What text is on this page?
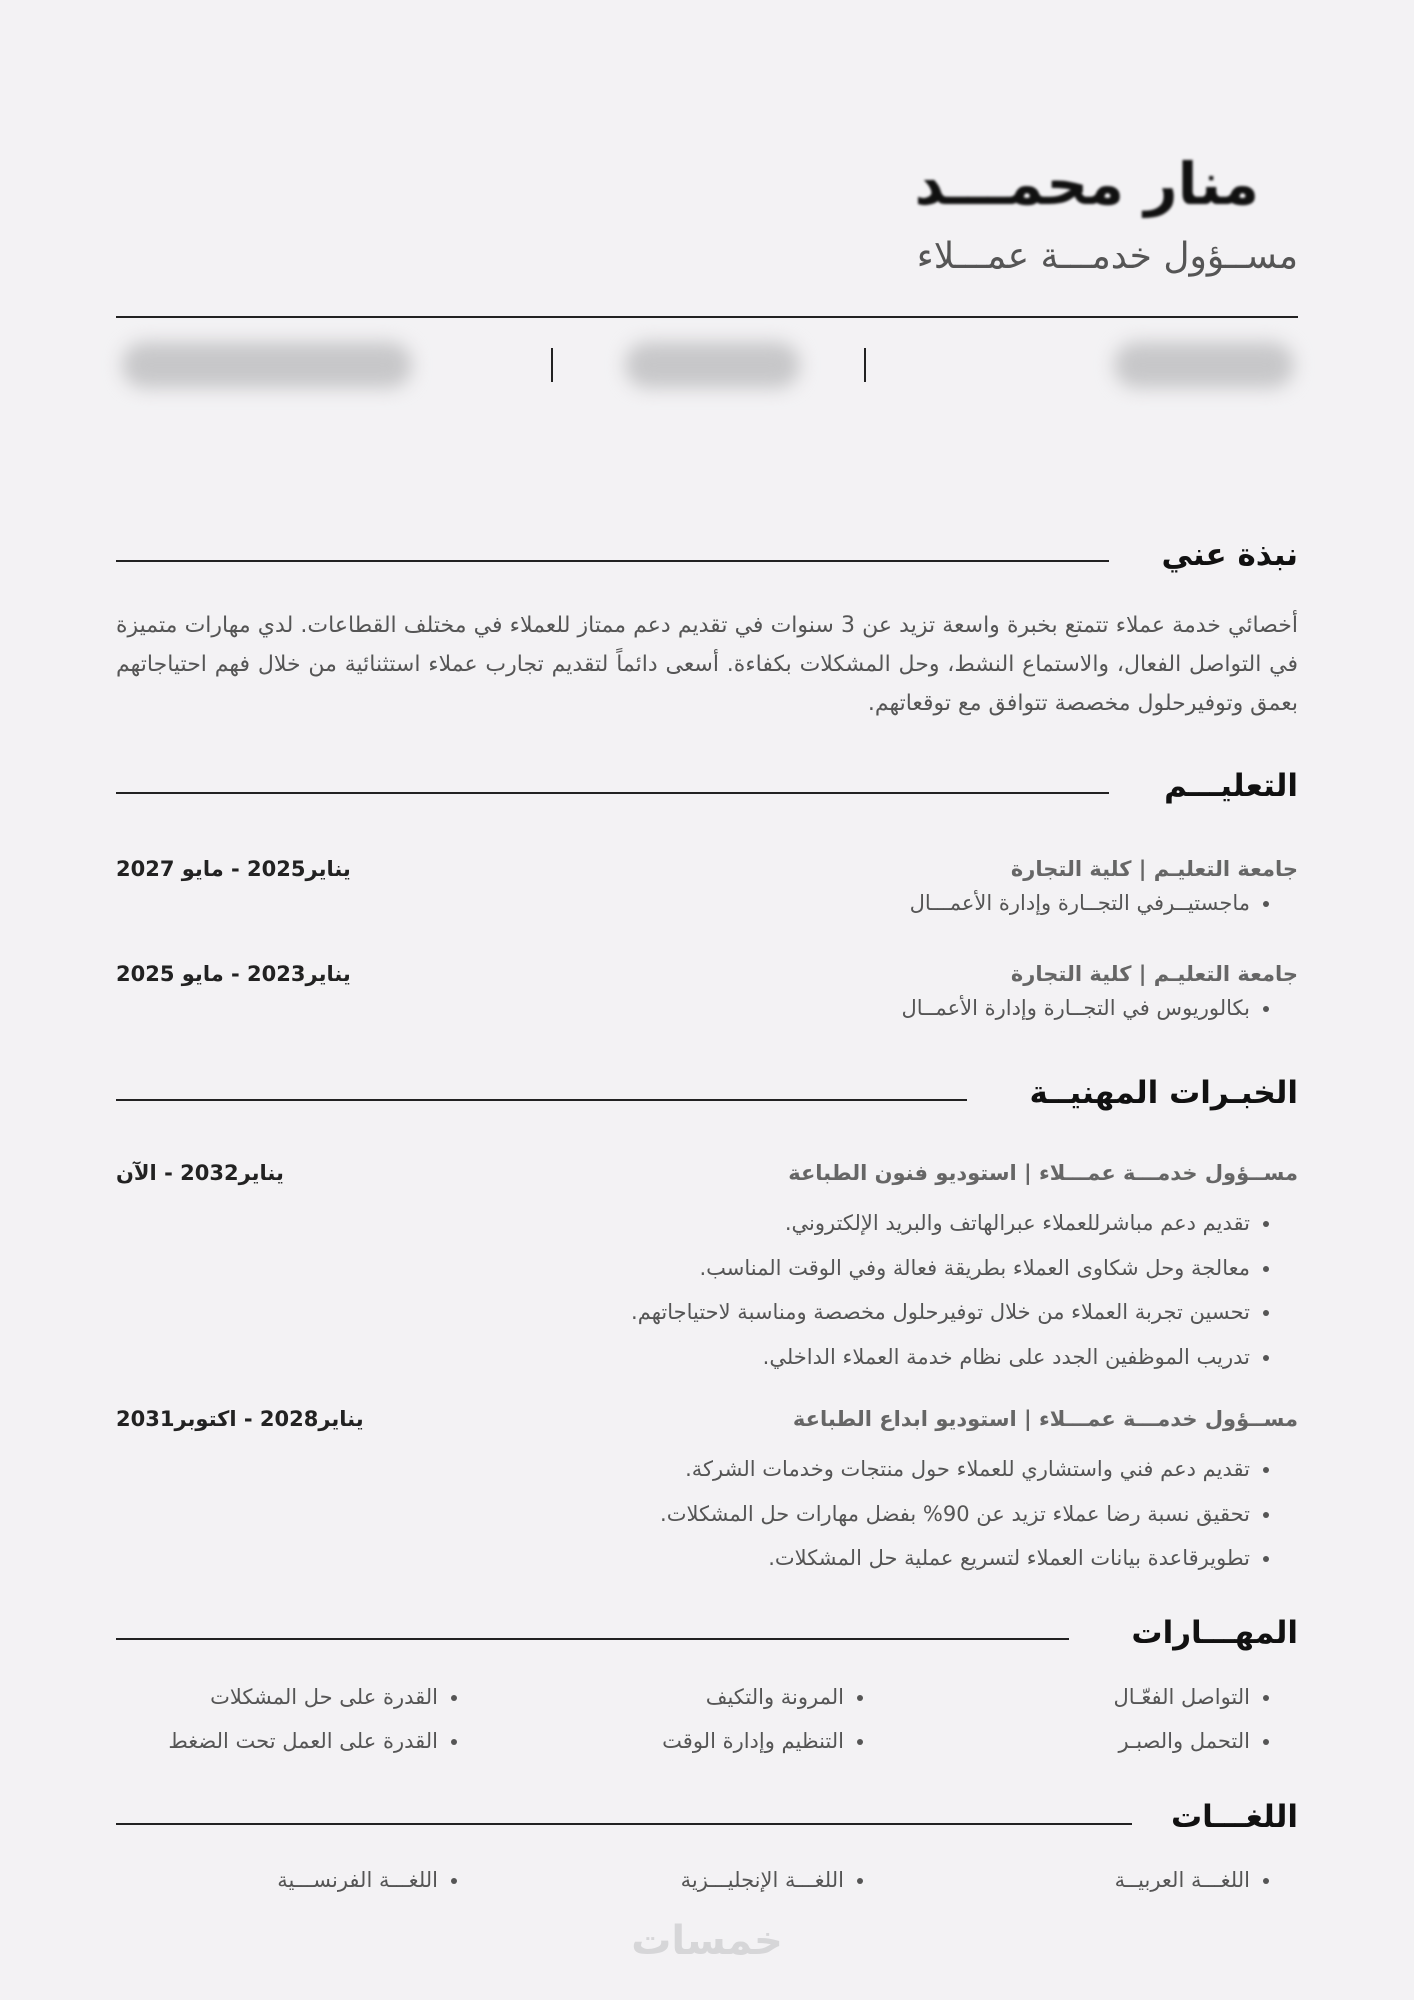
منار محمـــد
مســؤول خدمـــة عمـــلاء
نبذة عني

أخصائي خدمة عملاء تتمتع بخبرة واسعة تزيد عن 3 سنوات في تقديم دعم ممتاز للعملاء في مختلف القطاعات. لدي مهارات متميزة في التواصل الفعال، والاستماع النشط، وحل المشكلات بكفاءة. أسعى دائماً لتقديم تجارب عملاء استثنائية من خلال فهم احتياجاتهم بعمق وتوفيرحلول مخصصة تتوافق مع توقعاتهم.

التعليـــم
جامعة التعليـم | كلية التجارة
يناير2025 - مايو 2027
• ماجستيــرفي التجــارة وإدارة الأعمـــال
جامعة التعليـم | كلية التجارة
يناير2023 - مايو 2025
• بكالوريوس في التجــارة وإدارة الأعمــال
الخبـرات المهنيــة
مســؤول خدمـــة عمـــلاء | استوديو فنون الطباعة
يناير2032 - الآن
• تقديم دعم مباشرللعملاء عبرالهاتف والبريد الإلكتروني.
• معالجة وحل شكاوى العملاء بطريقة فعالة وفي الوقت المناسب.
• تحسين تجربة العملاء من خلال توفيرحلول مخصصة ومناسبة لاحتياجاتهم.
• تدريب الموظفين الجدد على نظام خدمة العملاء الداخلي.
مســؤول خدمـــة عمـــلاء | استوديو ابداع الطباعة
يناير2028 - اكتوبر2031
• تقديم دعم فني واستشاري للعملاء حول منتجات وخدمات الشركة.
• تحقيق نسبة رضا عملاء تزيد عن 90% بفضل مهارات حل المشكلات.
• تطويرقاعدة بيانات العملاء لتسريع عملية حل المشكلات.
المهـــارات
• التواصل الفعّـال
• التحمل والصبـر
• المرونة والتكيف
• التنظيم وإدارة الوقت
• القدرة على حل المشكلات
• القدرة على العمل تحت الضغط
اللغـــات
• اللغـــة العربيــة
• اللغـــة الإنجليـــزية
• اللغـــة الفرنســـية
خمسات
